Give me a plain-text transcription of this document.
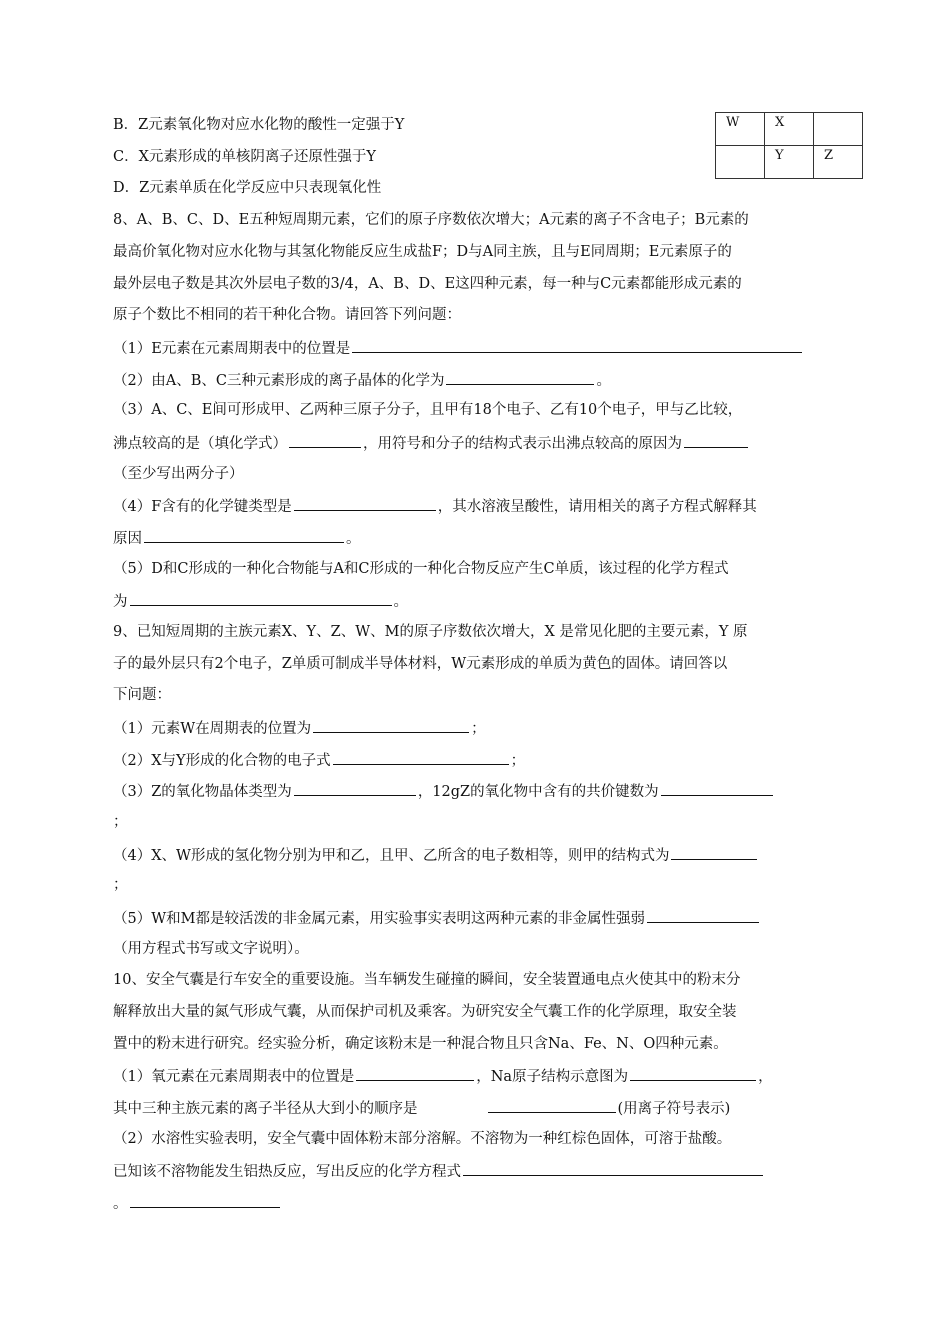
W	X	
	Y	Z
B．Z元素氧化物对应水化物的酸性一定强于Y
C．X元素形成的单核阴离子还原性强于Y
D．Z元素单质在化学反应中只表现氧化性
8、A、B、C、D、E五种短周期元素，它们的原子序数依次增大；A元素的离子不含电子；B元素的
最高价氧化物对应水化物与其氢化物能反应生成盐F；D与A同主族，且与E同周期；E元素原子的
最外层电子数是其次外层电子数的3/4，A、B、D、E这四种元素，每一种与C元素都能形成元素的
原子个数比不相同的若干种化合物。请回答下列问题：
（1）E元素在元素周期表中的位置是
（2）由A、B、C三种元素形成的离子晶体的化学为	。
（3）A、C、E间可形成甲、乙两种三原子分子，且甲有18个电子、乙有10个电子，甲与乙比较，
沸点较高的是（填化学式）	，用符号和分子的结构式表示出沸点较高的原因为
（至少写出两分子）
（4）F含有的化学键类型是	，其水溶液呈酸性，请用相关的离子方程式解释其
原因	。
（5）D和C形成的一种化合物能与A和C形成的一种化合物反应产生C单质，该过程的化学方程式
为	。
9、已知短周期的主族元素X、Y、Z、W、M的原子序数依次增大，X 是常见化肥的主要元素，Y 原
子的最外层只有2个电子，Z单质可制成半导体材料，W元素形成的单质为黄色的固体。请回答以
下问题：
（1）元素W在周期表的位置为	；
（2）X与Y形成的化合物的电子式	；
（3）Z的氧化物晶体类型为	，12gZ的氧化物中含有的共价键数为
；
（4）X、W形成的氢化物分别为甲和乙，且甲、乙所含的电子数相等，则甲的结构式为
；
（5）W和M都是较活泼的非金属元素，用实验事实表明这两种元素的非金属性强弱
（用方程式书写或文字说明）。
10、安全气囊是行车安全的重要设施。当车辆发生碰撞的瞬间，安全装置通电点火使其中的粉末分
解释放出大量的氮气形成气囊，从而保护司机及乘客。为研究安全气囊工作的化学原理，取安全装
置中的粉末进行研究。经实验分析，确定该粉末是一种混合物且只含Na、Fe、N、O四种元素。
（1）氧元素在元素周期表中的位置是	，Na原子结构示意图为	，
其中三种主族元素的离子半径从大到小的顺序是	(用离子符号表示)
（2）水溶性实验表明，安全气囊中固体粉末部分溶解。不溶物为一种红棕色固体，可溶于盐酸。
已知该不溶物能发生铝热反应，写出反应的化学方程式
。
